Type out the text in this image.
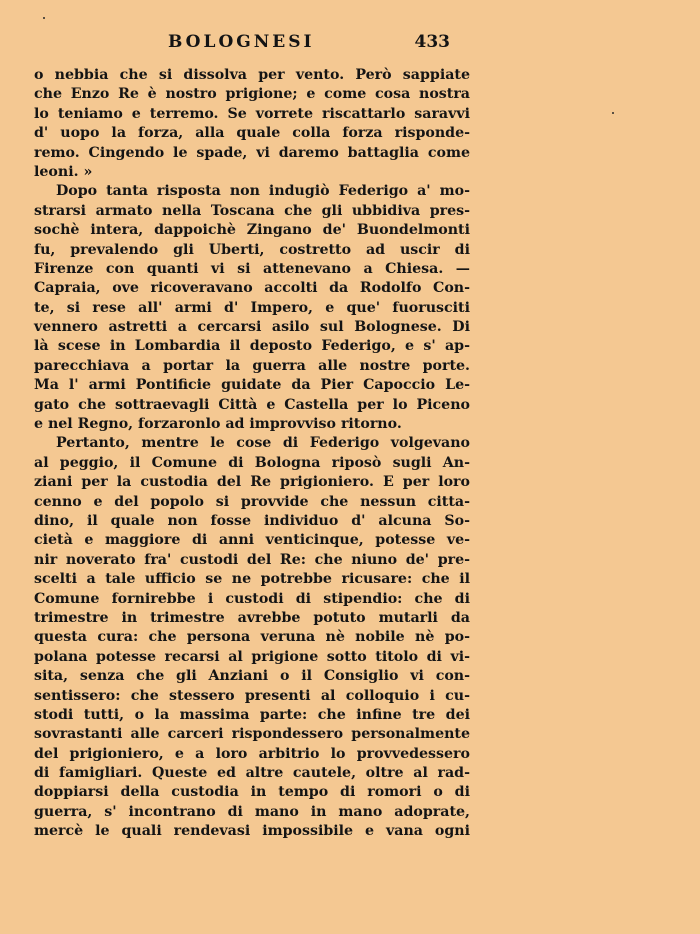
BOLOGNESI	433
o nebbia che si dissolva per vento. Però sappiate
che Enzo Re è nostro prigione; e come cosa nostra
lo teniamo e terremo. Se vorrete riscattarlo saravvi
d' uopo la forza, alla quale colla forza risponde-
remo. Cingendo le spade, vi daremo battaglia come
leoni. »
Dopo tanta risposta non indugiò Federigo a' mo-
strarsi armato nella Toscana che gli ubbidiva pres-
sochè intera, dappoichè Zingano de' Buondelmonti
fu, prevalendo gli Uberti, costretto ad uscir di
Firenze con quanti vi si attenevano a Chiesa. —
Capraia, ove ricoveravano accolti da Rodolfo Con-
te, si rese all' armi d' Impero, e que' fuorusciti
vennero astretti a cercarsi asilo sul Bolognese. Di
là scese in Lombardia il deposto Federigo, e s' ap-
parecchiava a portar la guerra alle nostre porte.
Ma l' armi Pontificie guidate da Pier Capoccio Le-
gato che sottraevagli Città e Castella per lo Piceno
e nel Regno, forzaronlo ad improvviso ritorno.
Pertanto, mentre le cose di Federigo volgevano
al peggio, il Comune di Bologna riposò sugli An-
ziani per la custodia del Re prigioniero. E per loro
cenno e del popolo si provvide che nessun citta-
dino, il quale non fosse individuo d' alcuna So-
cietà e maggiore di anni venticinque, potesse ve-
nir noverato fra' custodi del Re: che niuno de' pre-
scelti a tale ufficio se ne potrebbe ricusare: che il
Comune fornirebbe i custodi di stipendio: che di
trimestre in trimestre avrebbe potuto mutarli da
questa cura: che persona veruna nè nobile nè po-
polana potesse recarsi al prigione sotto titolo di vi-
sita, senza che gli Anziani o il Consiglio vi con-
sentissero: che stessero presenti al colloquio i cu-
stodi tutti, o la massima parte: che infine tre dei
sovrastanti alle carceri rispondessero personalmente
del prigioniero, e a loro arbitrio lo provvedessero
di famigliari. Queste ed altre cautele, oltre al rad-
doppiarsi della custodia in tempo di romori o di
guerra, s' incontrano di mano in mano adoprate,
mercè le quali rendevasi impossibile e vana ogni
